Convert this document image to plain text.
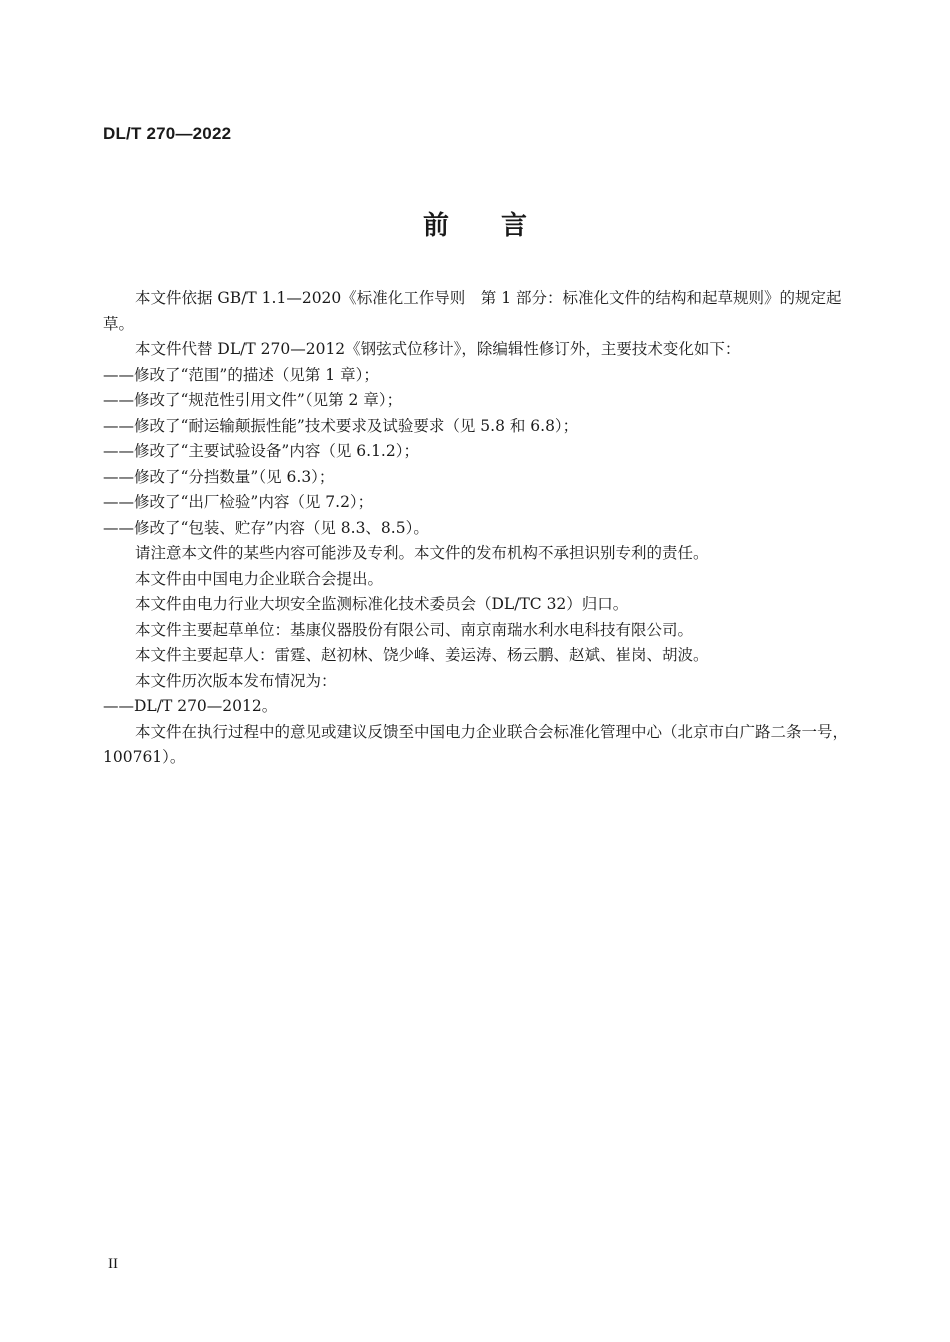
DL/T 270—2022
前言

本文件依据 GB/T 1.1—2020《标准化工作导则　第 1 部分：标准化文件的结构和起草规则》的规定起草。

本文件代替 DL/T 270—2012《钢弦式位移计》，除编辑性修订外，主要技术变化如下：

——修改了“范围”的描述（见第 1 章）；

——修改了“规范性引用文件”（见第 2 章）；

——修改了“耐运输颠振性能”技术要求及试验要求（见 5.8 和 6.8）；

——修改了“主要试验设备”内容（见 6.1.2）；

——修改了“分挡数量”（见 6.3）；

——修改了“出厂检验”内容（见 7.2）；

——修改了“包装、贮存”内容（见 8.3、8.5）。

请注意本文件的某些内容可能涉及专利。本文件的发布机构不承担识别专利的责任。

本文件由中国电力企业联合会提出。

本文件由电力行业大坝安全监测标准化技术委员会（DL/TC 32）归口。

本文件主要起草单位：基康仪器股份有限公司、南京南瑞水利水电科技有限公司。

本文件主要起草人：雷霆、赵初林、饶少峰、姜运涛、杨云鹏、赵斌、崔岗、胡波。

本文件历次版本发布情况为：

——DL/T 270—2012。

本文件在执行过程中的意见或建议反馈至中国电力企业联合会标准化管理中心（北京市白广路二条一号，100761）。

II
